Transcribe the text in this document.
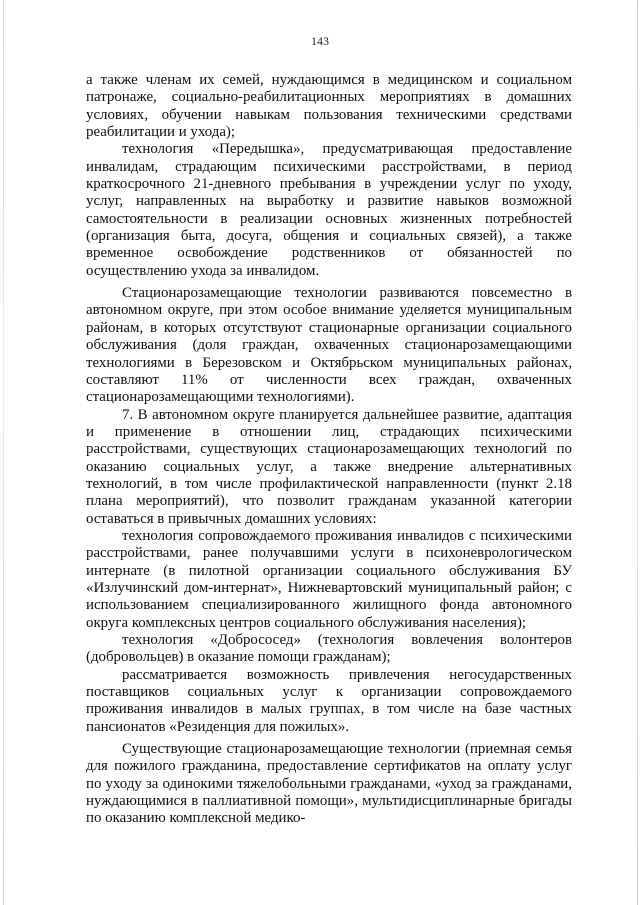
143

а также членам их семей, нуждающимся в медицинском и социальном патронаже, социально-реабилитационных мероприятиях в домашних условиях, обучении навыкам пользования техническими средствами реабилитации и ухода);

технология «Передышка», предусматривающая предоставление инвалидам, страдающим психическими расстройствами, в период краткосрочного 21-дневного пребывания в учреждении услуг по уходу, услуг, направленных на выработку и развитие навыков возможной самостоятельности в реализации основных жизненных потребностей (организация быта, досуга, общения и социальных связей), а также временное освобождение родственников от обязанностей по осуществлению ухода за инвалидом.

Стационарозамещающие технологии развиваются повсеместно в автономном округе, при этом особое внимание уделяется муниципальным районам, в которых отсутствуют стационарные организации социального обслуживания (доля граждан, охваченных стационарозамещающими технологиями в Березовском и Октябрьском муниципальных районах, составляют 11% от численности всех граждан, охваченных стационарозамещающими технологиями).

7. В автономном округе планируется дальнейшее развитие, адаптация и применение в отношении лиц, страдающих психическими расстройствами, существующих стационарозамещающих технологий по оказанию социальных услуг, а также внедрение альтернативных технологий, в том числе профилактической направленности (пункт 2.18 плана мероприятий), что позволит гражданам указанной категории оставаться в привычных домашних условиях:

технология сопровождаемого проживания инвалидов с психическими расстройствами, ранее получавшими услуги в психоневрологическом интернате (в пилотной организации социального обслуживания БУ «Излучинский дом-интернат», Нижневартовский муниципальный район; с использованием специализированного жилищного фонда автономного округа комплексных центров социального обслуживания населения);

технология «Добрососед» (технология вовлечения волонтеров (добровольцев) в оказание помощи гражданам);

рассматривается возможность привлечения негосударственных поставщиков социальных услуг к организации сопровождаемого проживания инвалидов в малых группах, в том числе на базе частных пансионатов «Резиденция для пожилых».

Существующие стационарозамещающие технологии (приемная семья для пожилого гражданина, предоставление сертификатов на оплату услуг по уходу за одинокими тяжелобольными гражданами, «уход за гражданами, нуждающимися в паллиативной помощи», мультидисциплинарные бригады по оказанию комплексной медико-
